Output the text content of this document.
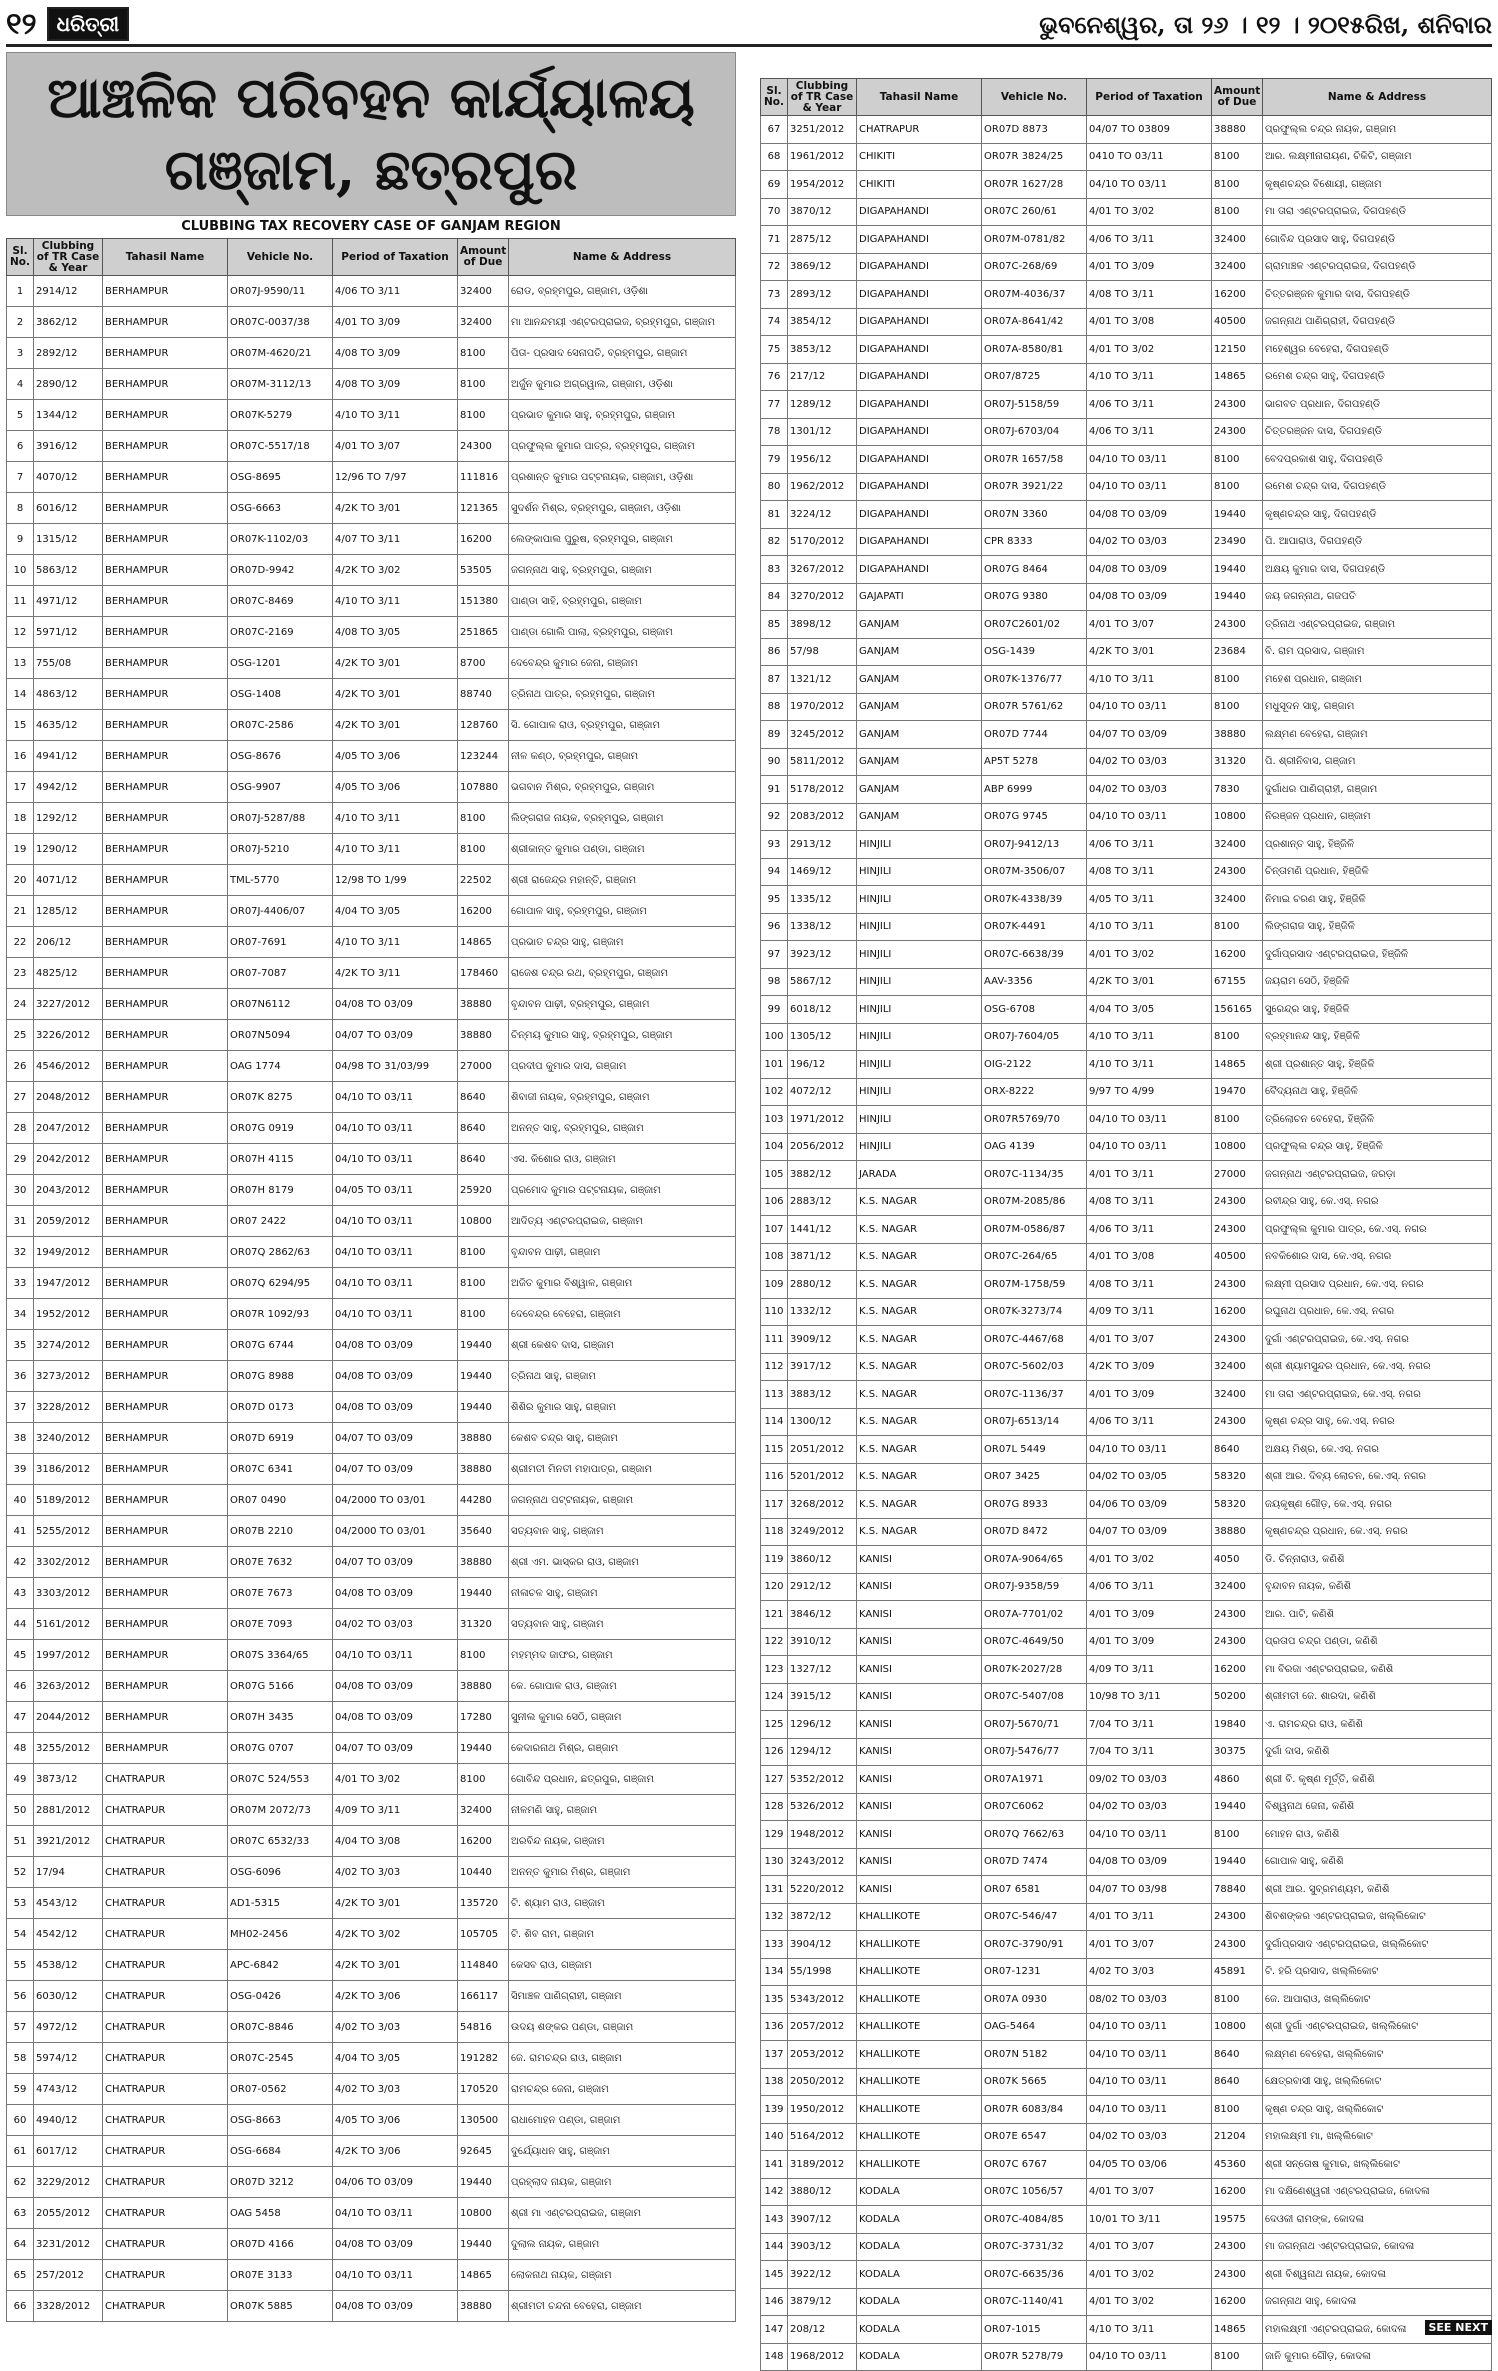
୧୨	ଧରିତ୍ରୀ	ଭୁବନେଶ୍ୱର, ତା ୨୬ । ୧୨ । ୨୦୧୫ରିଖ, ଶନିବାର
ଆଞ୍ଚଳିକ ପରିବହନ କାର୍ଯ୍ୟାଳୟ
ଗଞ୍ଜାମ, ଛତ୍ରପୁର
CLUBBING TAX RECOVERY CASE OF GANJAM REGION
Sl. No.	Clubbing of TR Case & Year	Tahasil Name	Vehicle No.	Period of Taxation	Amount of Due	Name & Address
1	2914/12	BERHAMPUR	OR07J-9590/11	4/06 TO 3/11	32400	ରୋଡ, ବ୍ରହ୍ମପୁର, ଗଞ୍ଜାମ, ଓଡ଼ିଶା
2	3862/12	BERHAMPUR	OR07C-0037/38	4/01 TO 3/09	32400	ମା ଆନନ୍ଦମୟୀ ଏଣ୍ଟରପ୍ରାଇଜ, ବ୍ରହ୍ମପୁର, ଗଞ୍ଜାମ
3	2892/12	BERHAMPUR	OR07M-4620/21	4/08 TO 3/09	8100	ପିତା- ପ୍ରସାଦ ସେନାପତି, ବ୍ରହ୍ମପୁର, ଗଞ୍ଜାମ
4	2890/12	BERHAMPUR	OR07M-3112/13	4/08 TO 3/09	8100	ଅର୍ଜୁନ କୁମାର ଅଗ୍ରୱାଲ, ଗଞ୍ଜାମ, ଓଡ଼ିଶା
5	1344/12	BERHAMPUR	OR07K-5279	4/10 TO 3/11	8100	ପ୍ରଭାତ କୁମାର ସାହୁ, ବ୍ରହ୍ମପୁର, ଗଞ୍ଜାମ
6	3916/12	BERHAMPUR	OR07C-5517/18	4/01 TO 3/07	24300	ପ୍ରଫୁଲ୍ଲ କୁମାର ପାତ୍ର, ବ୍ରହ୍ମପୁର, ଗଞ୍ଜାମ
7	4070/12	BERHAMPUR	OSG-8695	12/96 TO 7/97	111816	ପ୍ରଶାନ୍ତ କୁମାର ପଟ୍ଟନାୟକ, ଗଞ୍ଜାମ, ଓଡ଼ିଶା
8	6016/12	BERHAMPUR	OSG-6663	4/2K TO 3/01	121365	ସୁଦର୍ଶନ ମିଶ୍ର, ବ୍ରହ୍ମପୁର, ଗଞ୍ଜାମ, ଓଡ଼ିଶା
9	1315/12	BERHAMPUR	OR07K-1102/03	4/07 TO 3/11	16200	ଲେଙ୍କାପାଲ ପୁରୁଷ, ବ୍ରହ୍ମପୁର, ଗଞ୍ଜାମ
10	5863/12	BERHAMPUR	OR07D-9942	4/2K TO 3/02	53505	ଜଗନ୍ନାଥ ସାହୁ, ବ୍ରହ୍ମପୁର, ଗଞ୍ଜାମ
11	4971/12	BERHAMPUR	OR07C-8469	4/10 TO 3/11	151380	ପାଣ୍ଡା ସାହି, ବ୍ରହ୍ମପୁର, ଗଞ୍ଜାମ
12	5971/12	BERHAMPUR	OR07C-2169	4/08 TO 3/05	251865	ପାଣ୍ଡା ଗୋଲି ପାଲା, ବ୍ରହ୍ମପୁର, ଗଞ୍ଜାମ
13	755/08	BERHAMPUR	OSG-1201	4/2K TO 3/01	8700	ଦେବେନ୍ଦ୍ର କୁମାର ଜେନା, ଗଞ୍ଜାମ
14	4863/12	BERHAMPUR	OSG-1408	4/2K TO 3/01	88740	ତ୍ରିନାଥ ପାତ୍ର, ବ୍ରହ୍ମପୁର, ଗଞ୍ଜାମ
15	4635/12	BERHAMPUR	OR07C-2586	4/2K TO 3/01	128760	ସି. ଗୋପାଳ ରାଓ, ବ୍ରହ୍ମପୁର, ଗଞ୍ଜାମ
16	4941/12	BERHAMPUR	OSG-8676	4/05 TO 3/06	123244	ନୀଳ କଣ୍ଠ, ବ୍ରହ୍ମପୁର, ଗଞ୍ଜାମ
17	4942/12	BERHAMPUR	OSG-9907	4/05 TO 3/06	107880	ଭଗବାନ ମିଶ୍ର, ବ୍ରହ୍ମପୁର, ଗଞ୍ଜାମ
18	1292/12	BERHAMPUR	OR07J-5287/88	4/10 TO 3/11	8100	ଲିଙ୍ଗରାଜ ନାୟକ, ବ୍ରହ୍ମପୁର, ଗଞ୍ଜାମ
19	1290/12	BERHAMPUR	OR07J-5210	4/10 TO 3/11	8100	ଶ୍ରୀକାନ୍ତ କୁମାର ପଣ୍ଡା, ଗଞ୍ଜାମ
20	4071/12	BERHAMPUR	TML-5770	12/98 TO 1/99	22502	ଶ୍ରୀ ରାଜେନ୍ଦ୍ର ମହାନ୍ତି, ଗଞ୍ଜାମ
21	1285/12	BERHAMPUR	OR07J-4406/07	4/04 TO 3/05	16200	ଗୋପାଳ ସାହୁ, ବ୍ରହ୍ମପୁର, ଗଞ୍ଜାମ
22	206/12	BERHAMPUR	OR07-7691	4/10 TO 3/11	14865	ପ୍ରଭାତ ଚନ୍ଦ୍ର ସାହୁ, ଗଞ୍ଜାମ
23	4825/12	BERHAMPUR	OR07-7087	4/2K TO 3/11	178460	ରାଜେଶ ଚନ୍ଦ୍ର ରଥ, ବ୍ରହ୍ମପୁର, ଗଞ୍ଜାମ
24	3227/2012	BERHAMPUR	OR07N6112	04/08 TO 03/09	38880	ବୃନ୍ଦାବନ ପାଢ଼ୀ, ବ୍ରହ୍ମପୁର, ଗଞ୍ଜାମ
25	3226/2012	BERHAMPUR	OR07N5094	04/07 TO 03/09	38880	ଚିନ୍ମୟ କୁମାର ସାହୁ, ବ୍ରହ୍ମପୁର, ଗଞ୍ଜାମ
26	4546/2012	BERHAMPUR	OAG 1774	04/98 TO 31/03/99	27000	ପ୍ରଦୀପ କୁମାର ଦାସ, ଗଞ୍ଜାମ
27	2048/2012	BERHAMPUR	OR07K 8275	04/10 TO 03/11	8640	ଶିବାଜୀ ନାୟକ, ବ୍ରହ୍ମପୁର, ଗଞ୍ଜାମ
28	2047/2012	BERHAMPUR	OR07G 0919	04/10 TO 03/11	8640	ଅନନ୍ତ ସାହୁ, ବ୍ରହ୍ମପୁର, ଗଞ୍ଜାମ
29	2042/2012	BERHAMPUR	OR07H 4115	04/10 TO 03/11	8640	ଏସ. କିଶୋର ରାଓ, ଗଞ୍ଜାମ
30	2043/2012	BERHAMPUR	OR07H 8179	04/05 TO 03/11	25920	ପ୍ରମୋଦ କୁମାର ପଟ୍ଟନାୟକ, ଗଞ୍ଜାମ
31	2059/2012	BERHAMPUR	OR07 2422	04/10 TO 03/11	10800	ଆଦିତ୍ୟ ଏଣ୍ଟରପ୍ରାଇଜ, ଗଞ୍ଜାମ
32	1949/2012	BERHAMPUR	OR07Q 2862/63	04/10 TO 03/11	8100	ବୃନ୍ଦାବନ ପାଢ଼ୀ, ଗଞ୍ଜାମ
33	1947/2012	BERHAMPUR	OR07Q 6294/95	04/10 TO 03/11	8100	ଅଜିତ କୁମାର ବିଶ୍ୱାଳ, ଗଞ୍ଜାମ
34	1952/2012	BERHAMPUR	OR07R 1092/93	04/10 TO 03/11	8100	ଦେବେନ୍ଦ୍ର ବେହେରା, ଗଞ୍ଜାମ
35	3274/2012	BERHAMPUR	OR07G 6744	04/08 TO 03/09	19440	ଶ୍ରୀ କେଶବ ଦାସ, ଗଞ୍ଜାମ
36	3273/2012	BERHAMPUR	OR07G 8988	04/08 TO 03/09	19440	ତ୍ରିନାଥ ସାହୁ, ଗଞ୍ଜାମ
37	3228/2012	BERHAMPUR	OR07D 0173	04/08 TO 03/09	19440	ଶିଶିର କୁମାର ସାହୁ, ଗଞ୍ଜାମ
38	3240/2012	BERHAMPUR	OR07D 6919	04/07 TO 03/09	38880	କେଶବ ଚନ୍ଦ୍ର ସାହୁ, ଗଞ୍ଜାମ
39	3186/2012	BERHAMPUR	OR07C 6341	04/07 TO 03/09	38880	ଶ୍ରୀମତୀ ମିନତୀ ମହାପାତ୍ର, ଗଞ୍ଜାମ
40	5189/2012	BERHAMPUR	OR07 0490	04/2000 TO 03/01	44280	ଜଗନ୍ନାଥ ପଟ୍ଟନାୟକ, ଗଞ୍ଜାମ
41	5255/2012	BERHAMPUR	OR07B 2210	04/2000 TO 03/01	35640	ସତ୍ୟବାନ ସାହୁ, ଗଞ୍ଜାମ
42	3302/2012	BERHAMPUR	OR07E 7632	04/07 TO 03/09	38880	ଶ୍ରୀ ଏମ. ଭାସ୍କର ରାଓ, ଗଞ୍ଜାମ
43	3303/2012	BERHAMPUR	OR07E 7673	04/08 TO 03/09	19440	ନୀଳାଚଳ ସାହୁ, ଗଞ୍ଜାମ
44	5161/2012	BERHAMPUR	OR07E 7093	04/02 TO 03/03	31320	ସତ୍ୟବାନ ସାହୁ, ଗଞ୍ଜାମ
45	1997/2012	BERHAMPUR	OR07S 3364/65	04/10 TO 03/11	8100	ମହମ୍ମଦ ଜାଫର, ଗଞ୍ଜାମ
46	3263/2012	BERHAMPUR	OR07G 5166	04/08 TO 03/09	38880	କେ. ଗୋପାଳ ରାଓ, ଗଞ୍ଜାମ
47	2044/2012	BERHAMPUR	OR07H 3435	04/08 TO 03/09	17280	ସୁନୀଲ କୁମାର ସେଠି, ଗଞ୍ଜାମ
48	3255/2012	BERHAMPUR	OR07G 0707	04/07 TO 03/09	19440	କେଦାରନାଥ ମିଶ୍ର, ଗଞ୍ଜାମ
49	3873/12	CHATRAPUR	OR07C 524/553	4/01 TO 3/02	8100	ଗୋବିନ୍ଦ ପ୍ରଧାନ, ଛତ୍ରପୁର, ଗଞ୍ଜାମ
50	2881/2012	CHATRAPUR	OR07M 2072/73	4/09 TO 3/11	32400	ନୀଳମଣି ସାହୁ, ଗଞ୍ଜାମ
51	3921/2012	CHATRAPUR	OR07C 6532/33	4/04 TO 3/08	16200	ଅରବିନ୍ଦ ନାୟକ, ଗଞ୍ଜାମ
52	17/94	CHATRAPUR	OSG-6096	4/02 TO 3/03	10440	ଅନନ୍ତ କୁମାର ମିଶ୍ର, ଗଞ୍ଜାମ
53	4543/12	CHATRAPUR	AD1-5315	4/2K TO 3/01	135720	ଟି. ଶ୍ୟାମ ରାଓ, ଗଞ୍ଜାମ
54	4542/12	CHATRAPUR	MH02-2456	4/2K TO 3/02	105705	ଟି. ଶିବ ରାମ, ଗଞ୍ଜାମ
55	4538/12	CHATRAPUR	APC-6842	4/2K TO 3/01	114840	କେସବ ରାଓ, ଗଞ୍ଜାମ
56	6030/12	CHATRAPUR	OSG-0426	4/2K TO 3/06	166117	ସିମାଞ୍ଚଳ ପାଣିଗ୍ରାହୀ, ଗଞ୍ଜାମ
57	4972/12	CHATRAPUR	OR07C-8846	4/02 TO 3/03	54816	ଉଦୟ ଶଙ୍କର ପଣ୍ଡା, ଗଞ୍ଜାମ
58	5974/12	CHATRAPUR	OR07C-2545	4/04 TO 3/05	191282	ଜେ. ରାମଚନ୍ଦ୍ର ରାଓ, ଗଞ୍ଜାମ
59	4743/12	CHATRAPUR	OR07-0562	4/02 TO 3/03	170520	ରାମଚନ୍ଦ୍ର ଜେନା, ଗଞ୍ଜାମ
60	4940/12	CHATRAPUR	OSG-8663	4/05 TO 3/06	130500	ରାଧାମୋହନ ପଣ୍ଡା, ଗଞ୍ଜାମ
61	6017/12	CHATRAPUR	OSG-6684	4/2K TO 3/06	92645	ଦୁର୍ଯ୍ୟୋଧନ ସାହୁ, ଗଞ୍ଜାମ
62	3229/2012	CHATRAPUR	OR07D 3212	04/06 TO 03/09	19440	ପ୍ରହ୍ଲାଦ ନାୟକ, ଗଞ୍ଜାମ
63	2055/2012	CHATRAPUR	OAG 5458	04/10 TO 03/11	10800	ଶ୍ରୀ ମା ଏଣ୍ଟରପ୍ରାଇଜ, ଗଞ୍ଜାମ
64	3231/2012	CHATRAPUR	OR07D 4166	04/08 TO 03/09	19440	ଦୁଲାଲ ନାୟକ, ଗଞ୍ଜାମ
65	257/2012	CHATRAPUR	OR07E 3133	04/10 TO 03/11	14865	ଲୋକନାଥ ନାୟକ, ଗଞ୍ଜାମ
66	3328/2012	CHATRAPUR	OR07K 5885	04/08 TO 03/09	38880	ଶ୍ରୀମତୀ ଚନ୍ଦନା ବେହେରା, ଗଞ୍ଜାମ
Sl. No.	Clubbing of TR Case & Year	Tahasil Name	Vehicle No.	Period of Taxation	Amount of Due	Name & Address
67	3251/2012	CHATRAPUR	OR07D 8873	04/07 TO 03809	38880	ପ୍ରଫୁଲ୍ଲ ଚନ୍ଦ୍ର ନାୟକ, ଗଞ୍ଜାମ
68	1961/2012	CHIKITI	OR07R 3824/25	0410 TO 03/11	8100	ଆର. ଲକ୍ଷ୍ମୀନାରାୟଣ, ଚିକିଟି, ଗଞ୍ଜାମ
69	1954/2012	CHIKITI	OR07R 1627/28	04/10 TO 03/11	8100	କୃଷ୍ଣଚନ୍ଦ୍ର ବିଶୋୟୀ, ଗଞ୍ଜାମ
70	3870/12	DIGAPAHANDI	OR07C 260/61	4/01 TO 3/02	8100	ମା ତାରା ଏଣ୍ଟରପ୍ରାଇଜ, ଦିଗପହଣ୍ଡି
71	2875/12	DIGAPAHANDI	OR07M-0781/82	4/06 TO 3/11	32400	ଗୋବିନ୍ଦ ପ୍ରସାଦ ସାହୁ, ଦିଗପହଣ୍ଡି
72	3869/12	DIGAPAHANDI	OR07C-268/69	4/01 TO 3/09	32400	ଗ୍ରାମାଞ୍ଚଳ ଏଣ୍ଟରପ୍ରାଇଜ, ଦିଗପହଣ୍ଡି
73	2893/12	DIGAPAHANDI	OR07M-4036/37	4/08 TO 3/11	16200	ଚିତ୍ତରଞ୍ଜନ କୁମାର ଦାସ, ଦିଗପହଣ୍ଡି
74	3854/12	DIGAPAHANDI	OR07A-8641/42	4/01 TO 3/08	40500	ଜଗନ୍ନାଥ ପାଣିଗ୍ରାହୀ, ଦିଗପହଣ୍ଡି
75	3853/12	DIGAPAHANDI	OR07A-8580/81	4/01 TO 3/02	12150	ମହେଶ୍ୱର ବେହେରା, ଦିଗପହଣ୍ଡି
76	217/12	DIGAPAHANDI	OR07/8725	4/10 TO 3/11	14865	ରମେଶ ଚନ୍ଦ୍ର ସାହୁ, ଦିଗପହଣ୍ଡି
77	1289/12	DIGAPAHANDI	OR07J-5158/59	4/06 TO 3/11	24300	ଭାଗବତ ପ୍ରଧାନ, ଦିଗପହଣ୍ଡି
78	1301/12	DIGAPAHANDI	OR07J-6703/04	4/06 TO 3/11	24300	ଚିତ୍ତରଞ୍ଜନ ଦାସ, ଦିଗପହଣ୍ଡି
79	1956/12	DIGAPAHANDI	OR07R 1657/58	04/10 TO 03/11	8100	ବେଦପ୍ରକାଶ ସାହୁ, ଦିଗପହଣ୍ଡି
80	1962/2012	DIGAPAHANDI	OR07R 3921/22	04/10 TO 03/11	8100	ରମେଶ ଚନ୍ଦ୍ର ଦାସ, ଦିଗପହଣ୍ଡି
81	3224/12	DIGAPAHANDI	OR07N 3360	04/08 TO 03/09	19440	କୃଷ୍ଣଚନ୍ଦ୍ର ସାହୁ, ଦିଗପହଣ୍ଡି
82	5170/2012	DIGAPAHANDI	CPR 8333	04/02 TO 03/03	23490	ପି. ଆପାରାଓ, ଦିଗପହଣ୍ଡି
83	3267/2012	DIGAPAHANDI	OR07G 8464	04/08 TO 03/09	19440	ଅକ୍ଷୟ କୁମାର ଦାସ, ଦିଗପହଣ୍ଡି
84	3270/2012	GAJAPATI	OR07G 9380	04/08 TO 03/09	19440	ଜୟ ଜଗନ୍ନାଥ, ଗଜପତି
85	3898/12	GANJAM	OR07C2601/02	4/01 TO 3/07	24300	ତ୍ରିନାଥ ଏଣ୍ଟରପ୍ରାଇଜ, ଗଞ୍ଜାମ
86	57/98	GANJAM	OSG-1439	4/2K TO 3/01	23684	ବି. ରାମ ପ୍ରସାଦ, ଗଞ୍ଜାମ
87	1321/12	GANJAM	OR07K-1376/77	4/10 TO 3/11	8100	ମହେଶ ପ୍ରଧାନ, ଗଞ୍ଜାମ
88	1970/2012	GANJAM	OR07R 5761/62	04/10 TO 03/11	8100	ମଧୁସୂଦନ ସାହୁ, ଗଞ୍ଜାମ
89	3245/2012	GANJAM	OR07D 7744	04/07 TO 03/09	38880	ଲକ୍ଷ୍ମଣ ବେହେରା, ଗଞ୍ଜାମ
90	5811/2012	GANJAM	AP5T 5278	04/02 TO 03/03	31320	ପି. ଶ୍ରୀନିବାସ, ଗଞ୍ଜାମ
91	5178/2012	GANJAM	ABP 6999	04/02 TO 03/03	7830	ଦୁର୍ଗାଧର ପାଣିଗ୍ରାହୀ, ଗଞ୍ଜାମ
92	2083/2012	GANJAM	OR07G 9745	04/10 TO 03/11	10800	ନିରଞ୍ଜନ ପ୍ରଧାନ, ଗଞ୍ଜାମ
93	2913/12	HINJILI	OR07J-9412/13	4/06 TO 3/11	32400	ପ୍ରଶାନ୍ତ ସାହୁ, ହିଞ୍ଜିଳି
94	1469/12	HINJILI	OR07M-3506/07	4/08 TO 3/11	24300	ଚିନ୍ତାମଣି ପ୍ରଧାନ, ହିଞ୍ଜିଳି
95	1335/12	HINJILI	OR07K-4338/39	4/05 TO 3/11	32400	ନିମାଇ ଚରଣ ସାହୁ, ହିଞ୍ଜିଳି
96	1338/12	HINJILI	OR07K-4491	4/10 TO 3/11	8100	ଲିଙ୍ଗରାଜ ସାହୁ, ହିଞ୍ଜିଳି
97	3923/12	HINJILI	OR07C-6638/39	4/01 TO 3/02	16200	ଦୁର୍ଗାପ୍ରସାଦ ଏଣ୍ଟରପ୍ରାଇଜ, ହିଞ୍ଜିଳି
98	5867/12	HINJILI	AAV-3356	4/2K TO 3/01	67155	ଜୟରାମ ସେଠି, ହିଞ୍ଜିଳି
99	6018/12	HINJILI	OSG-6708	4/04 TO 3/05	156165	ସୁରେନ୍ଦ୍ର ସାହୁ, ହିଞ୍ଜିଳି
100	1305/12	HINJILI	OR07J-7604/05	4/10 TO 3/11	8100	ବ୍ରହ୍ମାନନ୍ଦ ସାହୁ, ହିଞ୍ଜିଳି
101	196/12	HINJILI	OIG-2122	4/10 TO 3/11	14865	ଶ୍ରୀ ପ୍ରଶାନ୍ତ ସାହୁ, ହିଞ୍ଜିଳି
102	4072/12	HINJILI	ORX-8222	9/97 TO 4/99	19470	ବୈଦ୍ୟନାଥ ସାହୁ, ହିଞ୍ଜିଳି
103	1971/2012	HINJILI	OR07R5769/70	04/10 TO 03/11	8100	ତ୍ରିଲୋଚନ ବେହେରା, ହିଞ୍ଜିଳି
104	2056/2012	HINJILI	OAG 4139	04/10 TO 03/11	10800	ପ୍ରଫୁଲ୍ଲ ଚନ୍ଦ୍ର ସାହୁ, ହିଞ୍ଜିଳି
105	3882/12	JARADA	OR07C-1134/35	4/01 TO 3/11	27000	ଜଗନ୍ନାଥ ଏଣ୍ଟରପ୍ରାଇଜ, ଜରଡ଼ା
106	2883/12	K.S. NAGAR	OR07M-2085/86	4/08 TO 3/11	24300	ରବୀନ୍ଦ୍ର ସାହୁ, କେ.ଏସ୍. ନଗର
107	1441/12	K.S. NAGAR	OR07M-0586/87	4/06 TO 3/11	24300	ପ୍ରଫୁଲ୍ଲ କୁମାର ପାତ୍ର, କେ.ଏସ୍. ନଗର
108	3871/12	K.S. NAGAR	OR07C-264/65	4/01 TO 3/08	40500	ନବକିଶୋର ଦାସ, କେ.ଏସ୍. ନଗର
109	2880/12	K.S. NAGAR	OR07M-1758/59	4/08 TO 3/11	24300	ଲକ୍ଷ୍ମୀ ପ୍ରସାଦ ପ୍ରଧାନ, କେ.ଏସ୍. ନଗର
110	1332/12	K.S. NAGAR	OR07K-3273/74	4/09 TO 3/11	16200	ରଘୁନାଥ ପ୍ରଧାନ, କେ.ଏସ୍. ନଗର
111	3909/12	K.S. NAGAR	OR07C-4467/68	4/01 TO 3/07	24300	ଦୁର୍ଗା ଏଣ୍ଟରପ୍ରାଇଜ, କେ.ଏସ୍. ନଗର
112	3917/12	K.S. NAGAR	OR07C-5602/03	4/2K TO 3/09	32400	ଶ୍ରୀ ଶ୍ୟାମସୁନ୍ଦର ପ୍ରଧାନ, କେ.ଏସ୍. ନଗର
113	3883/12	K.S. NAGAR	OR07C-1136/37	4/01 TO 3/09	32400	ମା ତାରା ଏଣ୍ଟରପ୍ରାଇଜ, କେ.ଏସ୍. ନଗର
114	1300/12	K.S. NAGAR	OR07J-6513/14	4/06 TO 3/11	24300	କୃଷ୍ଣ ଚନ୍ଦ୍ର ସାହୁ, କେ.ଏସ୍. ନଗର
115	2051/2012	K.S. NAGAR	OR07L 5449	04/10 TO 03/11	8640	ଅକ୍ଷୟ ମିଶ୍ର, କେ.ଏସ୍. ନଗର
116	5201/2012	K.S. NAGAR	OR07 3425	04/02 TO 03/05	58320	ଶ୍ରୀ ଆର. ଦିବ୍ୟ ଲୋଚନ, କେ.ଏସ୍. ନଗର
117	3268/2012	K.S. NAGAR	OR07G 8933	04/06 TO 03/09	58320	ଜୟକୃଷ୍ଣ ଗୌଡ଼, କେ.ଏସ୍. ନଗର
118	3249/2012	K.S. NAGAR	OR07D 8472	04/07 TO 03/09	38880	କୃଷ୍ଣଚନ୍ଦ୍ର ପ୍ରଧାନ, କେ.ଏସ୍. ନଗର
119	3860/12	KANISI	OR07A-9064/65	4/01 TO 3/02	4050	ଡି. ଚିନ୍ନାରାଓ, କଣିଶି
120	2912/12	KANISI	OR07J-9358/59	4/06 TO 3/11	32400	ବୃନ୍ଦାବନ ନାୟକ, କଣିଶି
121	3846/12	KANISI	OR07A-7701/02	4/01 TO 3/09	24300	ଆର. ପାଟି, କଣିଶି
122	3910/12	KANISI	OR07C-4649/50	4/01 TO 3/09	24300	ପ୍ରତାପ ଚନ୍ଦ୍ର ପଣ୍ଡା, କଣିଶି
123	1327/12	KANISI	OR07K-2027/28	4/09 TO 3/11	16200	ମା ବିରଜା ଏଣ୍ଟରପ୍ରାଇଜ, କଣିଶି
124	3915/12	KANISI	OR07C-5407/08	10/98 TO 3/11	50200	ଶ୍ରୀମତୀ ଜେ. ଶାରଦା, କଣିଶି
125	1296/12	KANISI	OR07J-5670/71	7/04 TO 3/11	19840	ଏ. ରାମଚନ୍ଦ୍ର ରାଓ, କଣିଶି
126	1294/12	KANISI	OR07J-5476/77	7/04 TO 3/11	30375	ଦୁର୍ଗା ଦାସ, କଣିଶି
127	5352/2012	KANISI	OR07A1971	09/02 TO 03/03	4860	ଶ୍ରୀ ବି. କୃଷ୍ଣ ମୂର୍ତ୍ତି, କଣିଶି
128	5326/2012	KANISI	OR07C6062	04/02 TO 03/03	19440	ବିଶ୍ୱନାଥ ଜେନା, କଣିଶି
129	1948/2012	KANISI	OR07Q 7662/63	04/10 TO 03/11	8100	ମୋହନ ରାଓ, କଣିଶି
130	3243/2012	KANISI	OR07D 7474	04/08 TO 03/09	19440	ଗୋପାଳ ସାହୁ, କଣିଶି
131	5220/2012	KANISI	OR07 6581	04/07 TO 03/98	78840	ଶ୍ରୀ ଆର. ସୁବ୍ରମଣ୍ୟମ, କଣିଶି
132	3872/12	KHALLIKOTE	OR07C-546/47	4/01 TO 3/11	24300	ଶିବଶଙ୍କର ଏଣ୍ଟରପ୍ରାଇଜ, ଖଲ୍ଲିକୋଟ
133	3904/12	KHALLIKOTE	OR07C-3790/91	4/01 TO 3/07	24300	ଦୁର୍ଗାପ୍ରସାଦ ଏଣ୍ଟରପ୍ରାଇଜ, ଖଲ୍ଲିକୋଟ
134	55/1998	KHALLIKOTE	OR07-1231	4/02 TO 3/03	45891	ଟି. ହରି ପ୍ରସାଦ, ଖଲ୍ଲିକୋଟ
135	5343/2012	KHALLIKOTE	OR07A 0930	08/02 TO 03/03	8100	ଜେ. ଆପାରାଓ, ଖଲ୍ଲିକୋଟ
136	2057/2012	KHALLIKOTE	OAG-5464	04/10 TO 03/11	10800	ଶ୍ରୀ ଦୁର୍ଗା ଏଣ୍ଟରପ୍ରାଇଜ, ଖଲ୍ଲିକୋଟ
137	2053/2012	KHALLIKOTE	OR07N 5182	04/10 TO 03/11	8640	ଲକ୍ଷ୍ମଣ ବେହେରା, ଖଲ୍ଲିକୋଟ
138	2050/2012	KHALLIKOTE	OR07K 5665	04/10 TO 03/11	8640	କ୍ଷେତ୍ରବାସୀ ସାହୁ, ଖଲ୍ଲିକୋଟ
139	1950/2012	KHALLIKOTE	OR07R 6083/84	04/10 TO 03/11	8100	କୃଷ୍ଣ ଚନ୍ଦ୍ର ସାହୁ, ଖଲ୍ଲିକୋଟ
140	5164/2012	KHALLIKOTE	OR07E 6547	04/02 TO 03/03	21204	ମହାଲକ୍ଷ୍ମୀ ମା, ଖଲ୍ଲିକୋଟ
141	3189/2012	KHALLIKOTE	OR07C 6767	04/05 TO 03/06	45360	ଶ୍ରୀ ସନ୍ତୋଷ କୁମାର, ଖଲ୍ଲିକୋଟ
142	3880/12	KODALA	OR07C 1056/57	4/01 TO 3/07	16200	ମା ଦକ୍ଷିଣେଶ୍ୱରୀ ଏଣ୍ଟରପ୍ରାଇଜ, କୋଦଳା
143	3907/12	KODALA	OR07C-4084/85	10/01 TO 3/11	19575	ଦେଓକୀ ରାମଙ୍କ, କୋଦଳା
144	3903/12	KODALA	OR07C-3731/32	4/01 TO 3/07	24300	ମା ଜଗନ୍ନାଥ ଏଣ୍ଟରପ୍ରାଇଜ, କୋଦଳା
145	3922/12	KODALA	OR07C-6635/36	4/01 TO 3/02	24300	ଶ୍ରୀ ବିଶ୍ୱନାଥ ନାୟକ, କୋଦଳା
146	3879/12	KODALA	OR07C-1140/41	4/01 TO 3/02	16200	ଜଗନ୍ନାଥ ସାହୁ, କୋଦଳା
147	208/12	KODALA	OR07-1015	4/10 TO 3/11	14865	ମହାଲକ୍ଷ୍ମୀ ଏଣ୍ଟରପ୍ରାଇଜ, କୋଦଳା
148	1968/2012	KODALA	OR07R 5278/79	04/10 TO 03/11	8100	ଜାନି କୁମାର ଗୌଡ଼, କୋଦଳା
SEE NEXT
